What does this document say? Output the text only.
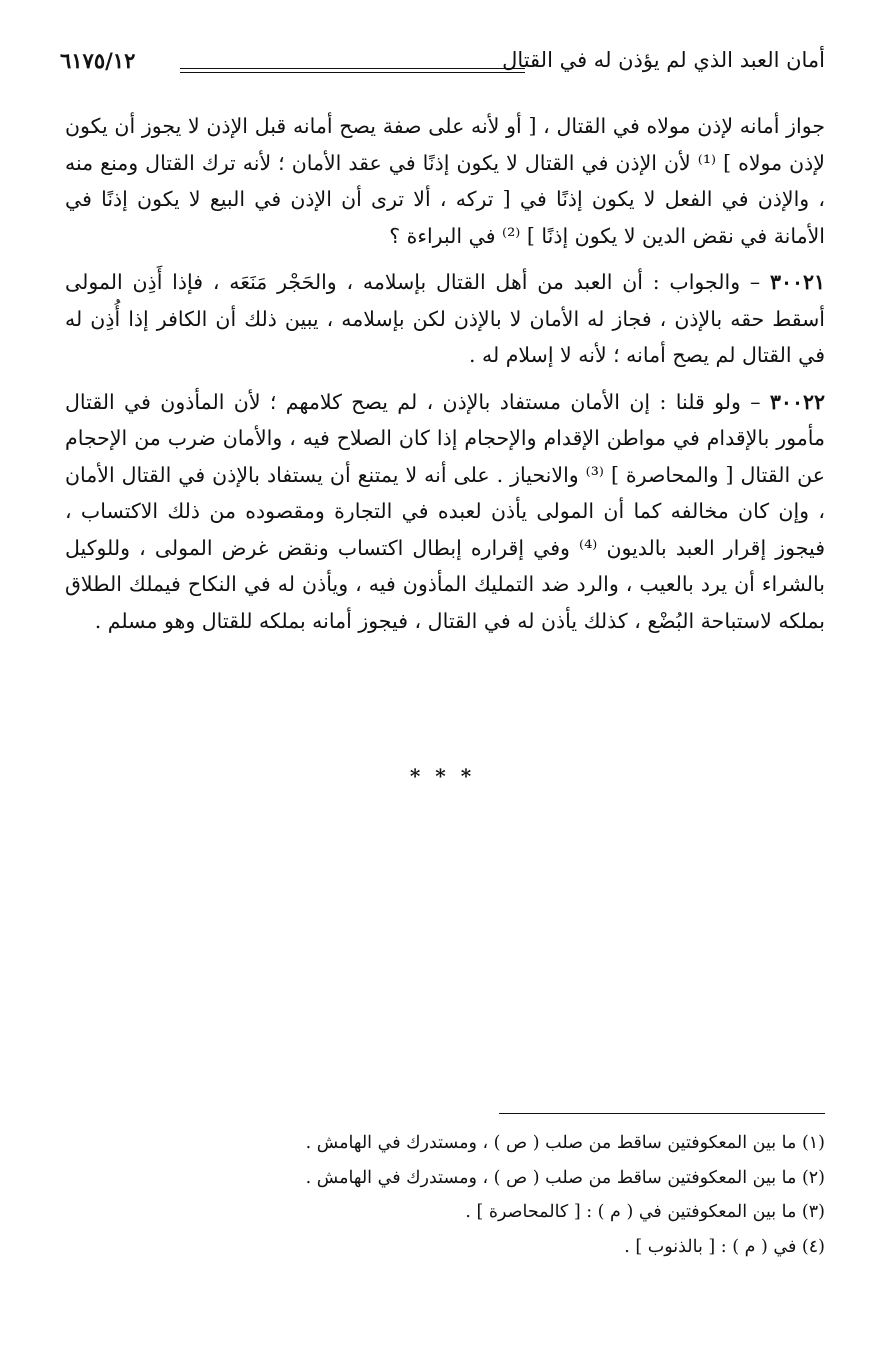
أمان العبد الذي لم يؤذن له في القتال
٦١٧٥/١٢

جواز أمانه لإذن مولاه في القتال ، [ أو لأنه على صفة يصح أمانه قبل الإذن لا يجوز أن يكون لإذن مولاه ] ⁽¹⁾ لأن الإذن في القتال لا يكون إذنًا في عقد الأمان ؛ لأنه ترك القتال ومنع منه ، والإذن في الفعل لا يكون إذنًا في [ تركه ، ألا ترى أن الإذن في البيع لا يكون إذنًا في الأمانة في نقض الدين لا يكون إذنًا ] ⁽²⁾ في البراءة ؟

٣٠٠٢١ – والجواب : أن العبد من أهل القتال بإسلامه ، والحَجْر مَنَعَه ، فإذا أَذِن المولى أسقط حقه بالإذن ، فجاز له الأمان لا بالإذن لكن بإسلامه ، يبين ذلك أن الكافر إذا أُذِن له في القتال لم يصح أمانه ؛ لأنه لا إسلام له .

٣٠٠٢٢ – ولو قلنا : إن الأمان مستفاد بالإذن ، لم يصح كلامهم ؛ لأن المأذون في القتال مأمور بالإقدام في مواطن الإقدام والإحجام إذا كان الصلاح فيه ، والأمان ضرب من الإحجام عن القتال [ والمحاصرة ] ⁽³⁾ والانحياز . على أنه لا يمتنع أن يستفاد بالإذن في القتال الأمان ، وإن كان مخالفه كما أن المولى يأذن لعبده في التجارة ومقصوده من ذلك الاكتساب ، فيجوز إقرار العبد بالديون ⁽⁴⁾ وفي إقراره إبطال اكتساب ونقض غرض المولى ، وللوكيل بالشراء أن يرد بالعيب ، والرد ضد التمليك المأذون فيه ، ويأذن له في النكاح فيملك الطلاق بملكه لاستباحة البُضْع ، كذلك يأذن له في القتال ، فيجوز أمانه بملكه للقتال وهو مسلم .

* * *
(١) ما بين المعكوفتين ساقط من صلب ( ص ) ، ومستدرك في الهامش .
(٢) ما بين المعكوفتين ساقط من صلب ( ص ) ، ومستدرك في الهامش .
(٣) ما بين المعكوفتين في ( م ) : [ كالمحاصرة ] .
(٤) في ( م ) : [ بالذنوب ] .
